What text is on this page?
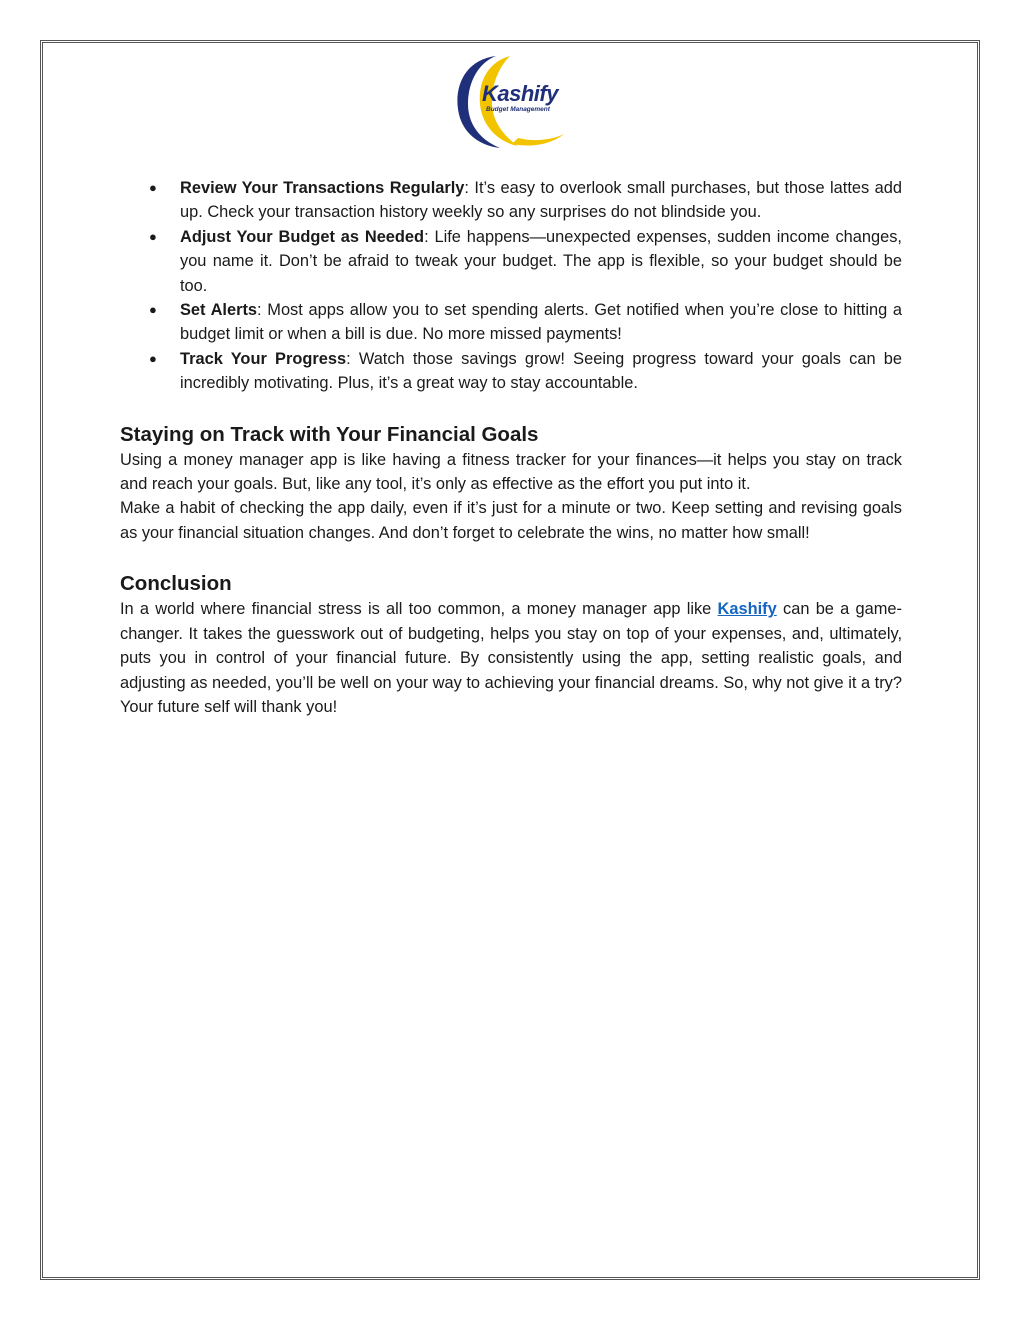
Kashify
Budget Management
● Review Your Transactions Regularly: It’s easy to overlook small purchases, but those lattes add up. Check your transaction history weekly so any surprises do not blindside you.
● Adjust Your Budget as Needed: Life happens—unexpected expenses, sudden income changes, you name it. Don’t be afraid to tweak your budget. The app is flexible, so your budget should be too.
● Set Alerts: Most apps allow you to set spending alerts. Get notified when you’re close to hitting a budget limit or when a bill is due. No more missed payments!
● Track Your Progress: Watch those savings grow! Seeing progress toward your goals can be incredibly motivating. Plus, it’s a great way to stay accountable.
Staying on Track with Your Financial Goals

Using a money manager app is like having a fitness tracker for your finances—it helps you stay on track and reach your goals. But, like any tool, it’s only as effective as the effort you put into it.

Make a habit of checking the app daily, even if it’s just for a minute or two. Keep setting and revising goals as your financial situation changes. And don’t forget to celebrate the wins, no matter how small!

Conclusion

In a world where financial stress is all too common, a money manager app like Kashify can be a game-changer. It takes the guesswork out of budgeting, helps you stay on top of your expenses, and, ultimately, puts you in control of your financial future. By consistently using the app, setting realistic goals, and adjusting as needed, you’ll be well on your way to achieving your financial dreams. So, why not give it a try? Your future self will thank you!
